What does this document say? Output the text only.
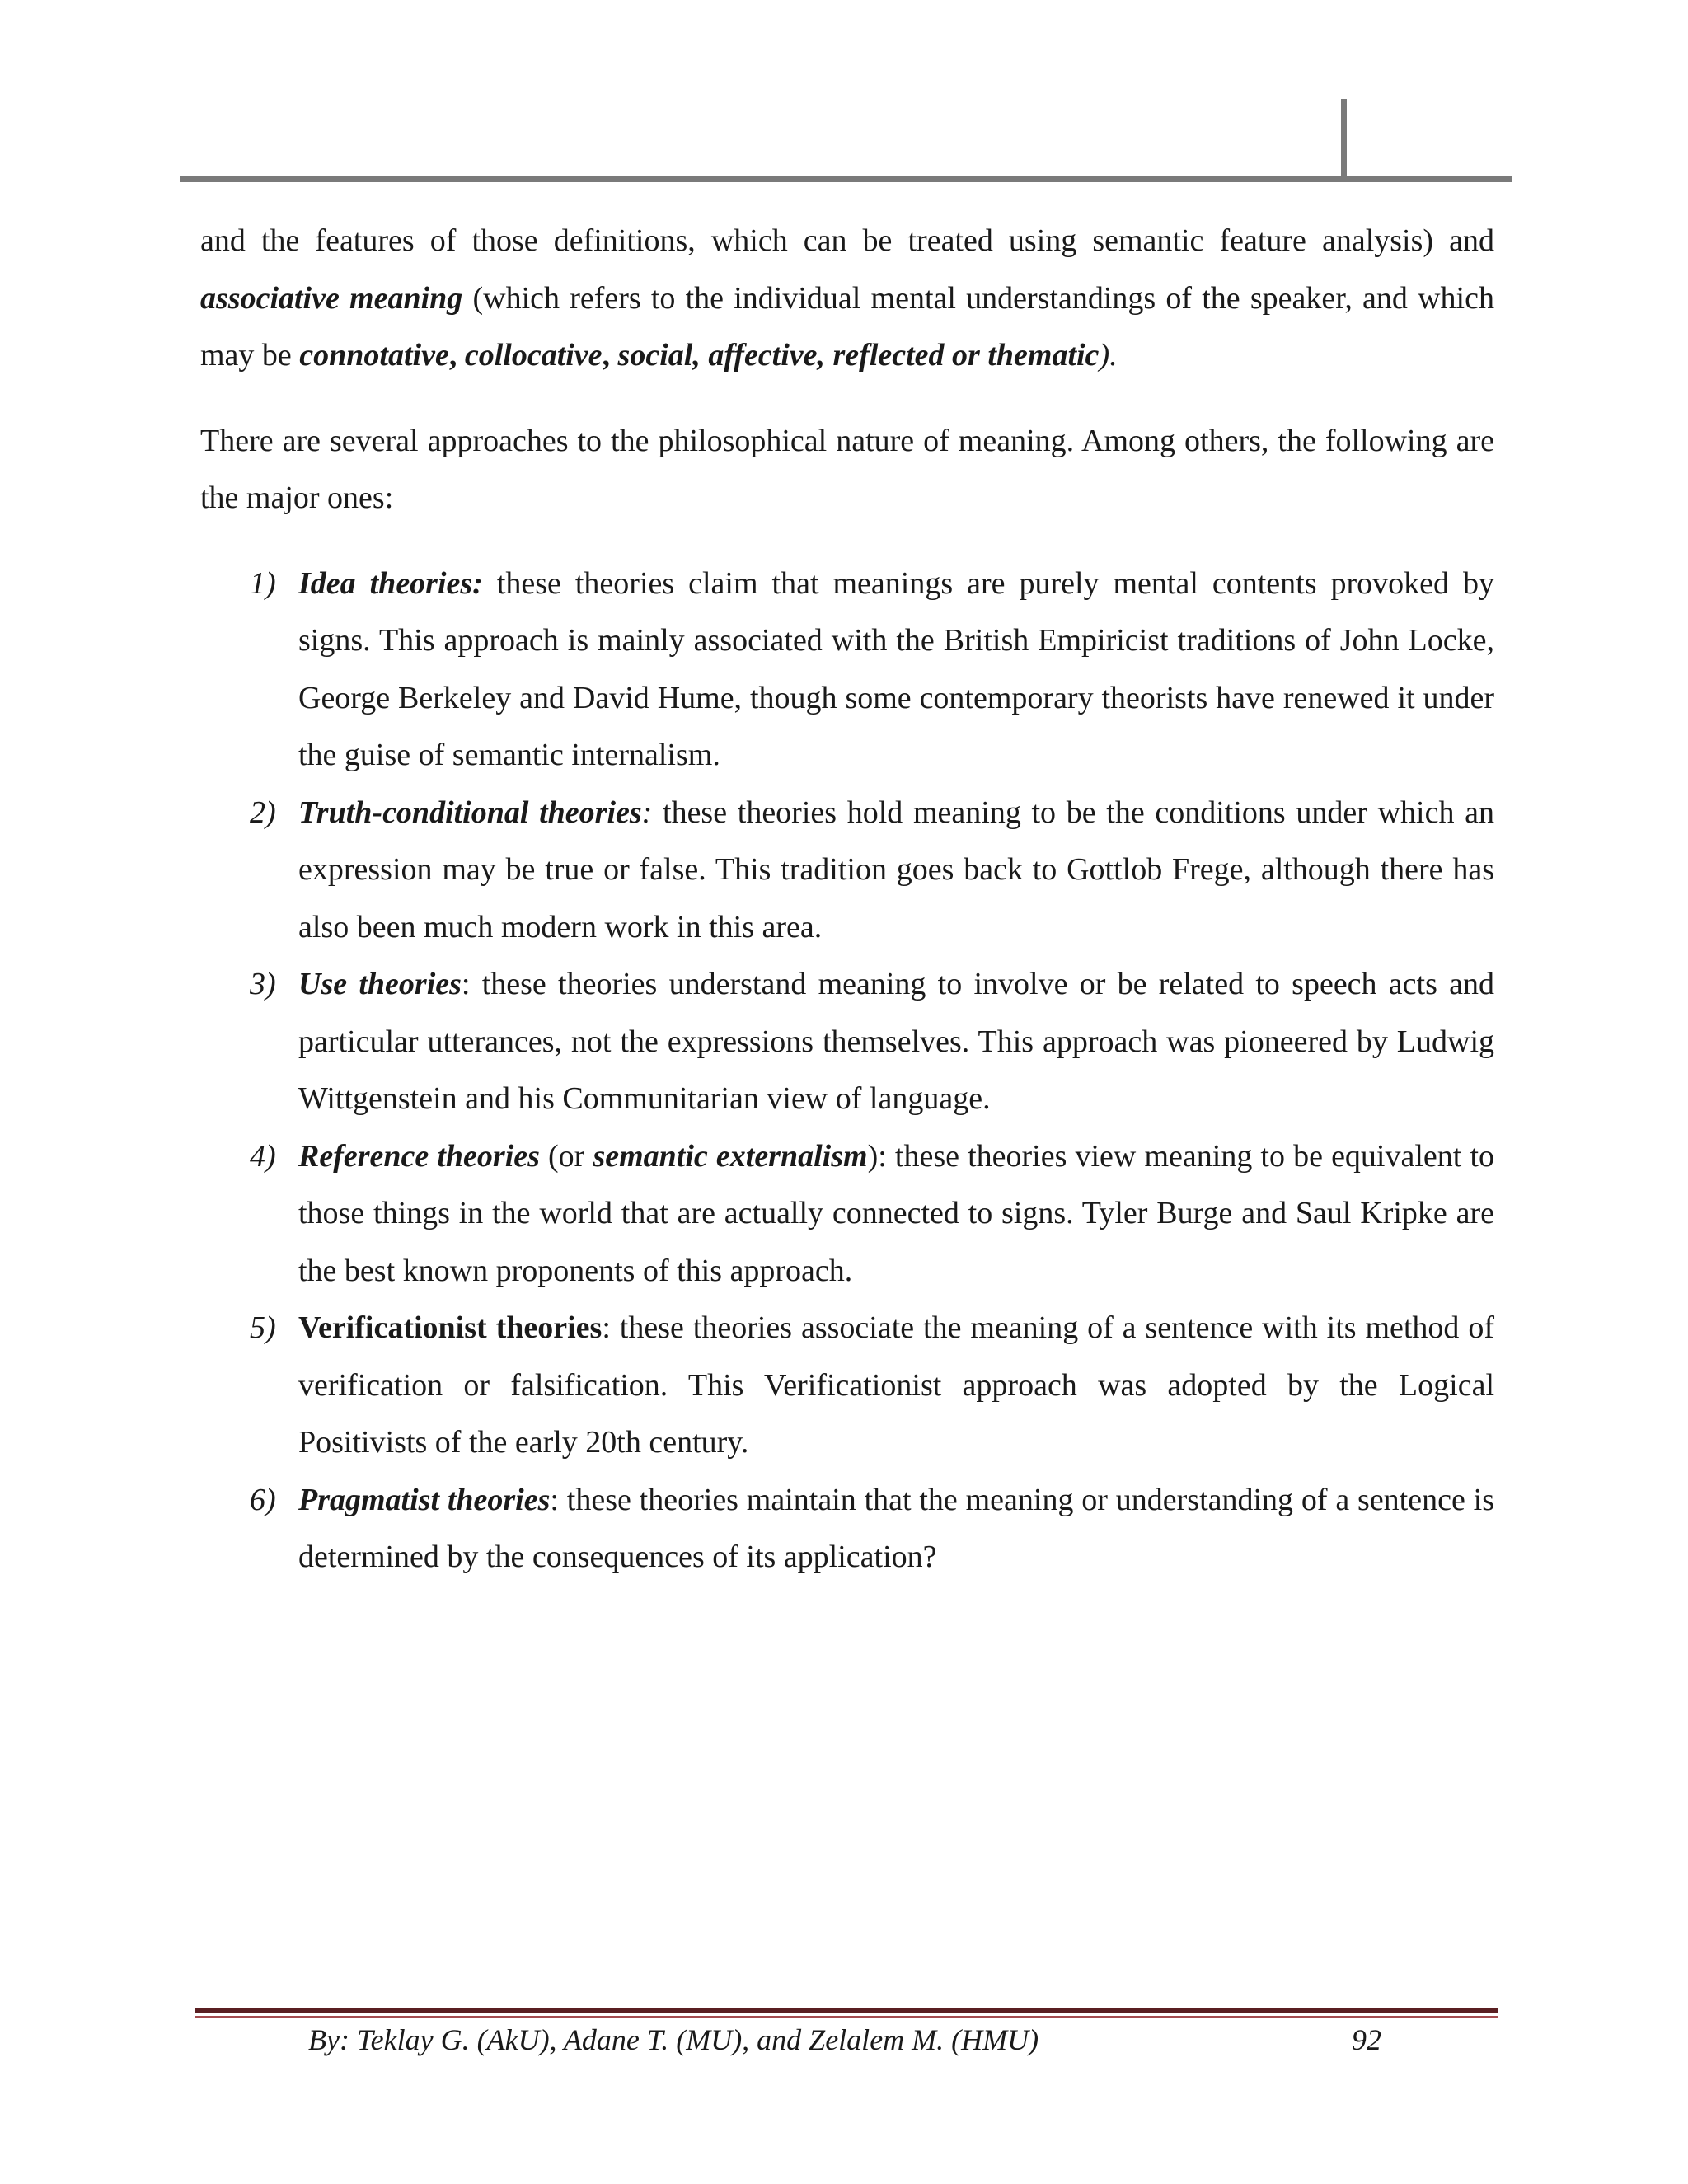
and the features of those definitions, which can be treated using semantic feature analysis) and associative meaning (which refers to the individual mental understandings of the speaker, and which may be connotative, collocative, social, affective, reflected or thematic).

There are several approaches to the philosophical nature of meaning. Among others, the following are the major ones:

1) Idea theories: these theories claim that meanings are purely mental contents provoked by signs. This approach is mainly associated with the British Empiricist traditions of John Locke, George Berkeley and David Hume, though some contemporary theorists have renewed it under the guise of semantic internalism.
2) Truth-conditional theories: these theories hold meaning to be the conditions under which an expression may be true or false. This tradition goes back to Gottlob Frege, although there has also been much modern work in this area.
3) Use theories: these theories understand meaning to involve or be related to speech acts and particular utterances, not the expressions themselves. This approach was pioneered by Ludwig Wittgenstein and his Communitarian view of language.
4) Reference theories (or semantic externalism): these theories view meaning to be equivalent to those things in the world that are actually connected to signs. Tyler Burge and Saul Kripke are the best known proponents of this approach.
5) Verificationist theories: these theories associate the meaning of a sentence with its method of verification or falsification. This Verificationist approach was adopted by the Logical Positivists of the early 20th century.
6) Pragmatist theories: these theories maintain that the meaning or understanding of a sentence is determined by the consequences of its application?
By: Teklay G. (AkU), Adane T. (MU), and Zelalem M. (HMU)	92
